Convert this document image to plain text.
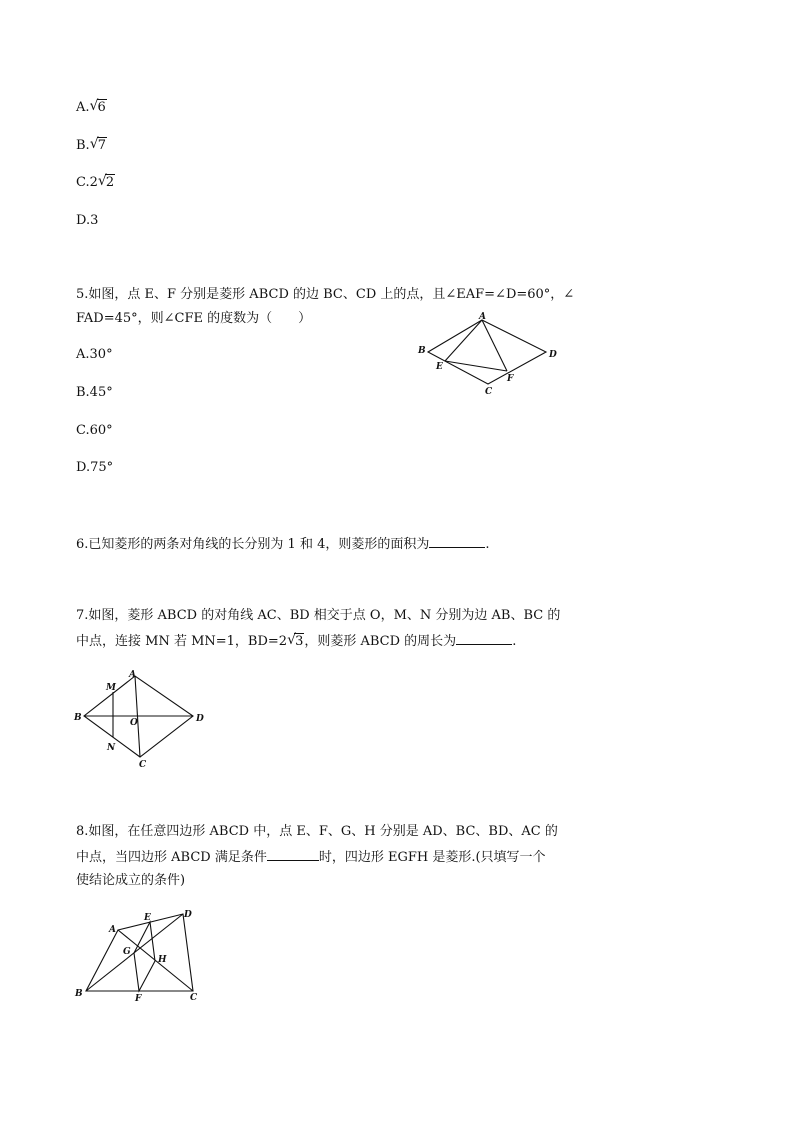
A. √ 6
B. √ 7
C.2 √ 2
D.3
5.如图，点 E、F 分别是菱形 ABCD 的边 BC、CD 上的点，且∠EAF=∠D=60°，∠
FAD=45°，则∠CFE 的度数为（　　）
A.30°
B.45°
C.60°
D.75°
A
B
C
D
E
F
6.已知菱形的两条对角线的长分别为 1 和 4，则菱形的面积为	.
7.如图，菱形 ABCD 的对角线 AC、BD 相交于点 O，M、N 分别为边 AB、BC 的
中点，连接 MN 若 MN=1，BD=2 √ 3，则菱形 ABCD 的周长为	.
A
M
B	O	D
N
C
8.如图，在任意四边形 ABCD 中，点 E、F、G、H 分别是 AD、BC、BD、AC 的
中点，当四边形 ABCD 满足条件	时，四边形 EGFH 是菱形.(只填写一个
使结论成立的条件)
A
E	D
G
H
B	F	C
